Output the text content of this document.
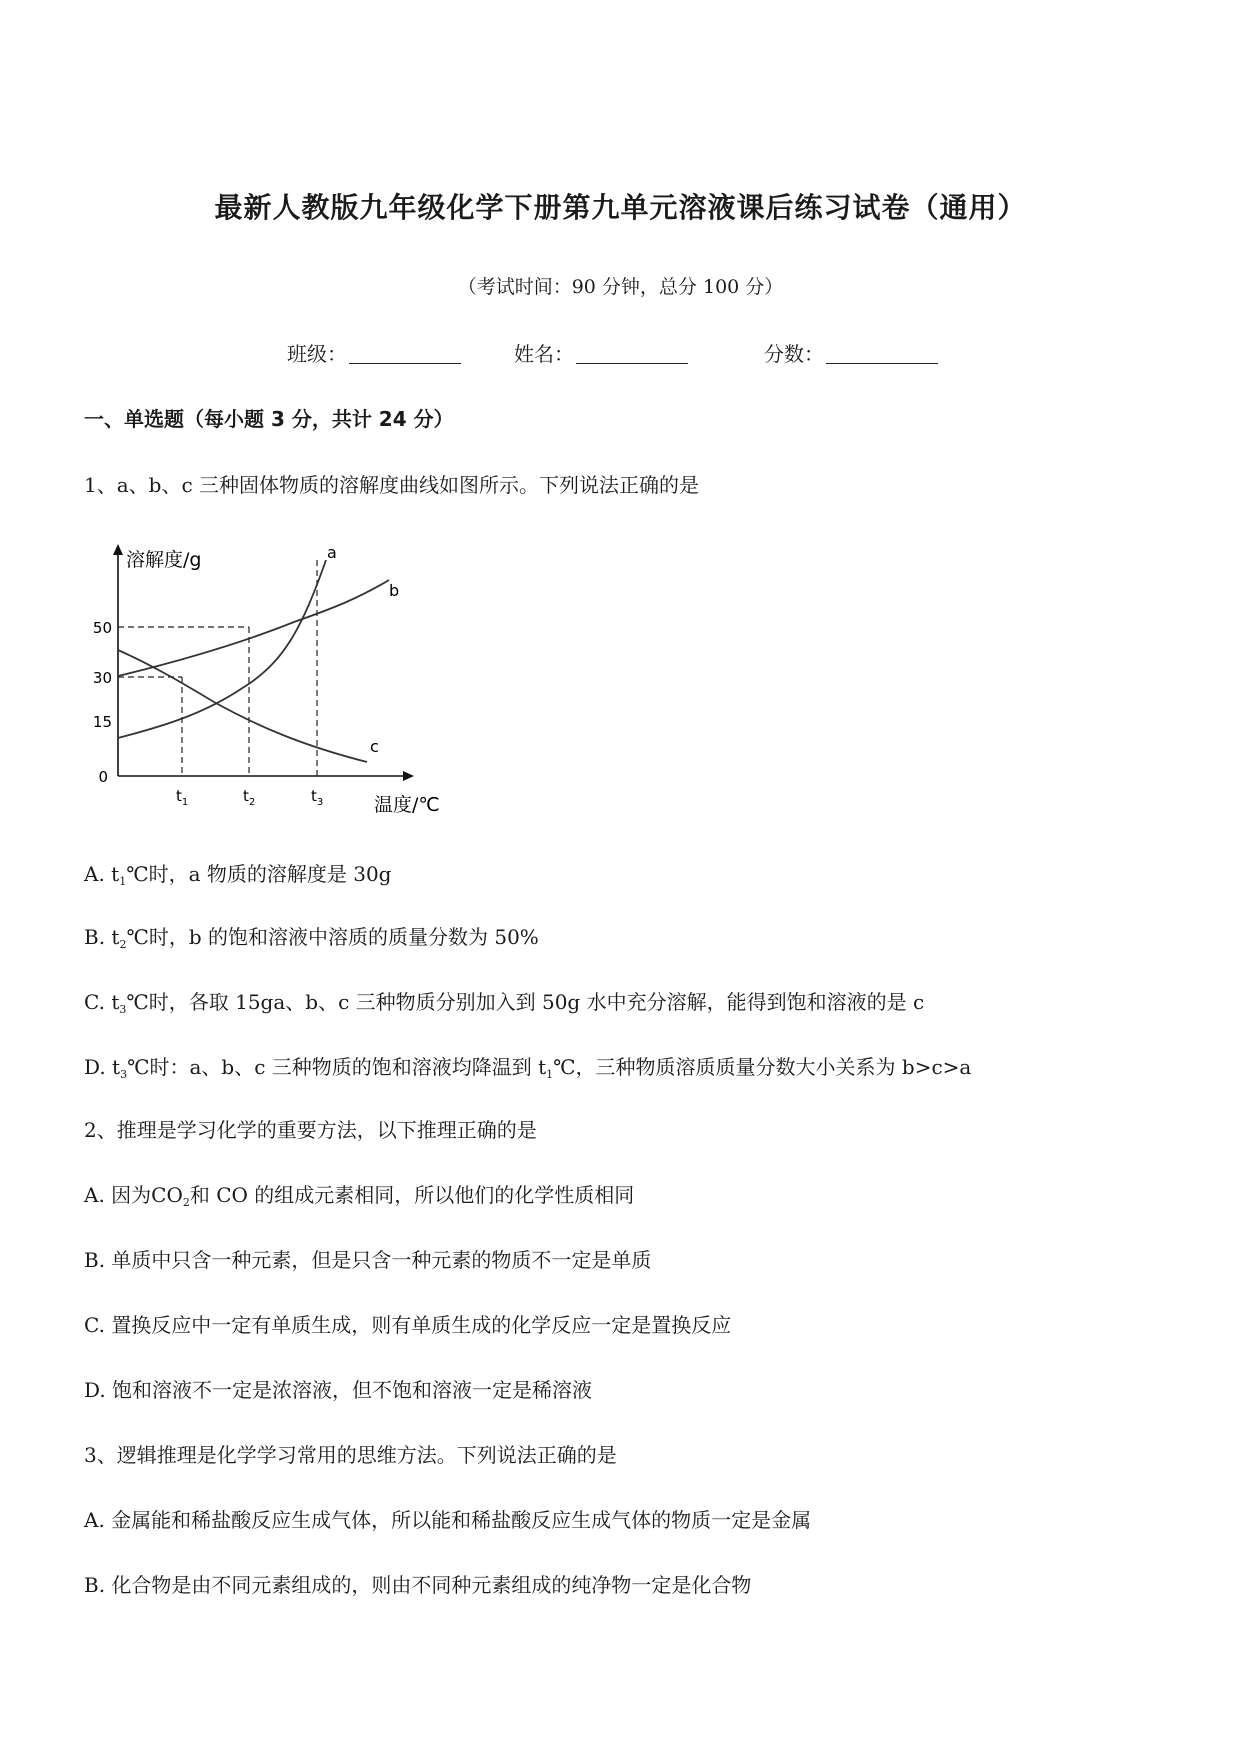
最新人教版九年级化学下册第九单元溶液课后练习试卷（通用）
（考试时间：90 分钟，总分 100 分）
班级：	姓名：	分数：
一、单选题（每小题 3 分，共计 24 分）
1、a、b、c 三种固体物质的溶解度曲线如图所示。下列说法正确的是
a
b
c
50
30
15
0
$t_1$	$t_2$	$t_3$
溶解度/g
温度/℃
A. $t_1℃$时，a 物质的溶解度是 30g
B. $t_2℃$时，b 的饱和溶液中溶质的质量分数为 50%
C. $t_3℃$时，各取 15ga、b、c 三种物质分别加入到 50g 水中充分溶解，能得到饱和溶液的是 c
D. $t_3℃$时：a、b、c 三种物质的饱和溶液均降温到 $t_1℃$，三种物质溶质质量分数大小关系为 b>c>a
2、推理是学习化学的重要方法，以下推理正确的是
A. 因为$CO_2$和 CO 的组成元素相同，所以他们的化学性质相同
B. 单质中只含一种元素，但是只含一种元素的物质不一定是单质
C. 置换反应中一定有单质生成，则有单质生成的化学反应一定是置换反应
D. 饱和溶液不一定是浓溶液，但不饱和溶液一定是稀溶液
3、逻辑推理是化学学习常用的思维方法。下列说法正确的是
A. 金属能和稀盐酸反应生成气体，所以能和稀盐酸反应生成气体的物质一定是金属
B. 化合物是由不同元素组成的，则由不同种元素组成的纯净物一定是化合物
